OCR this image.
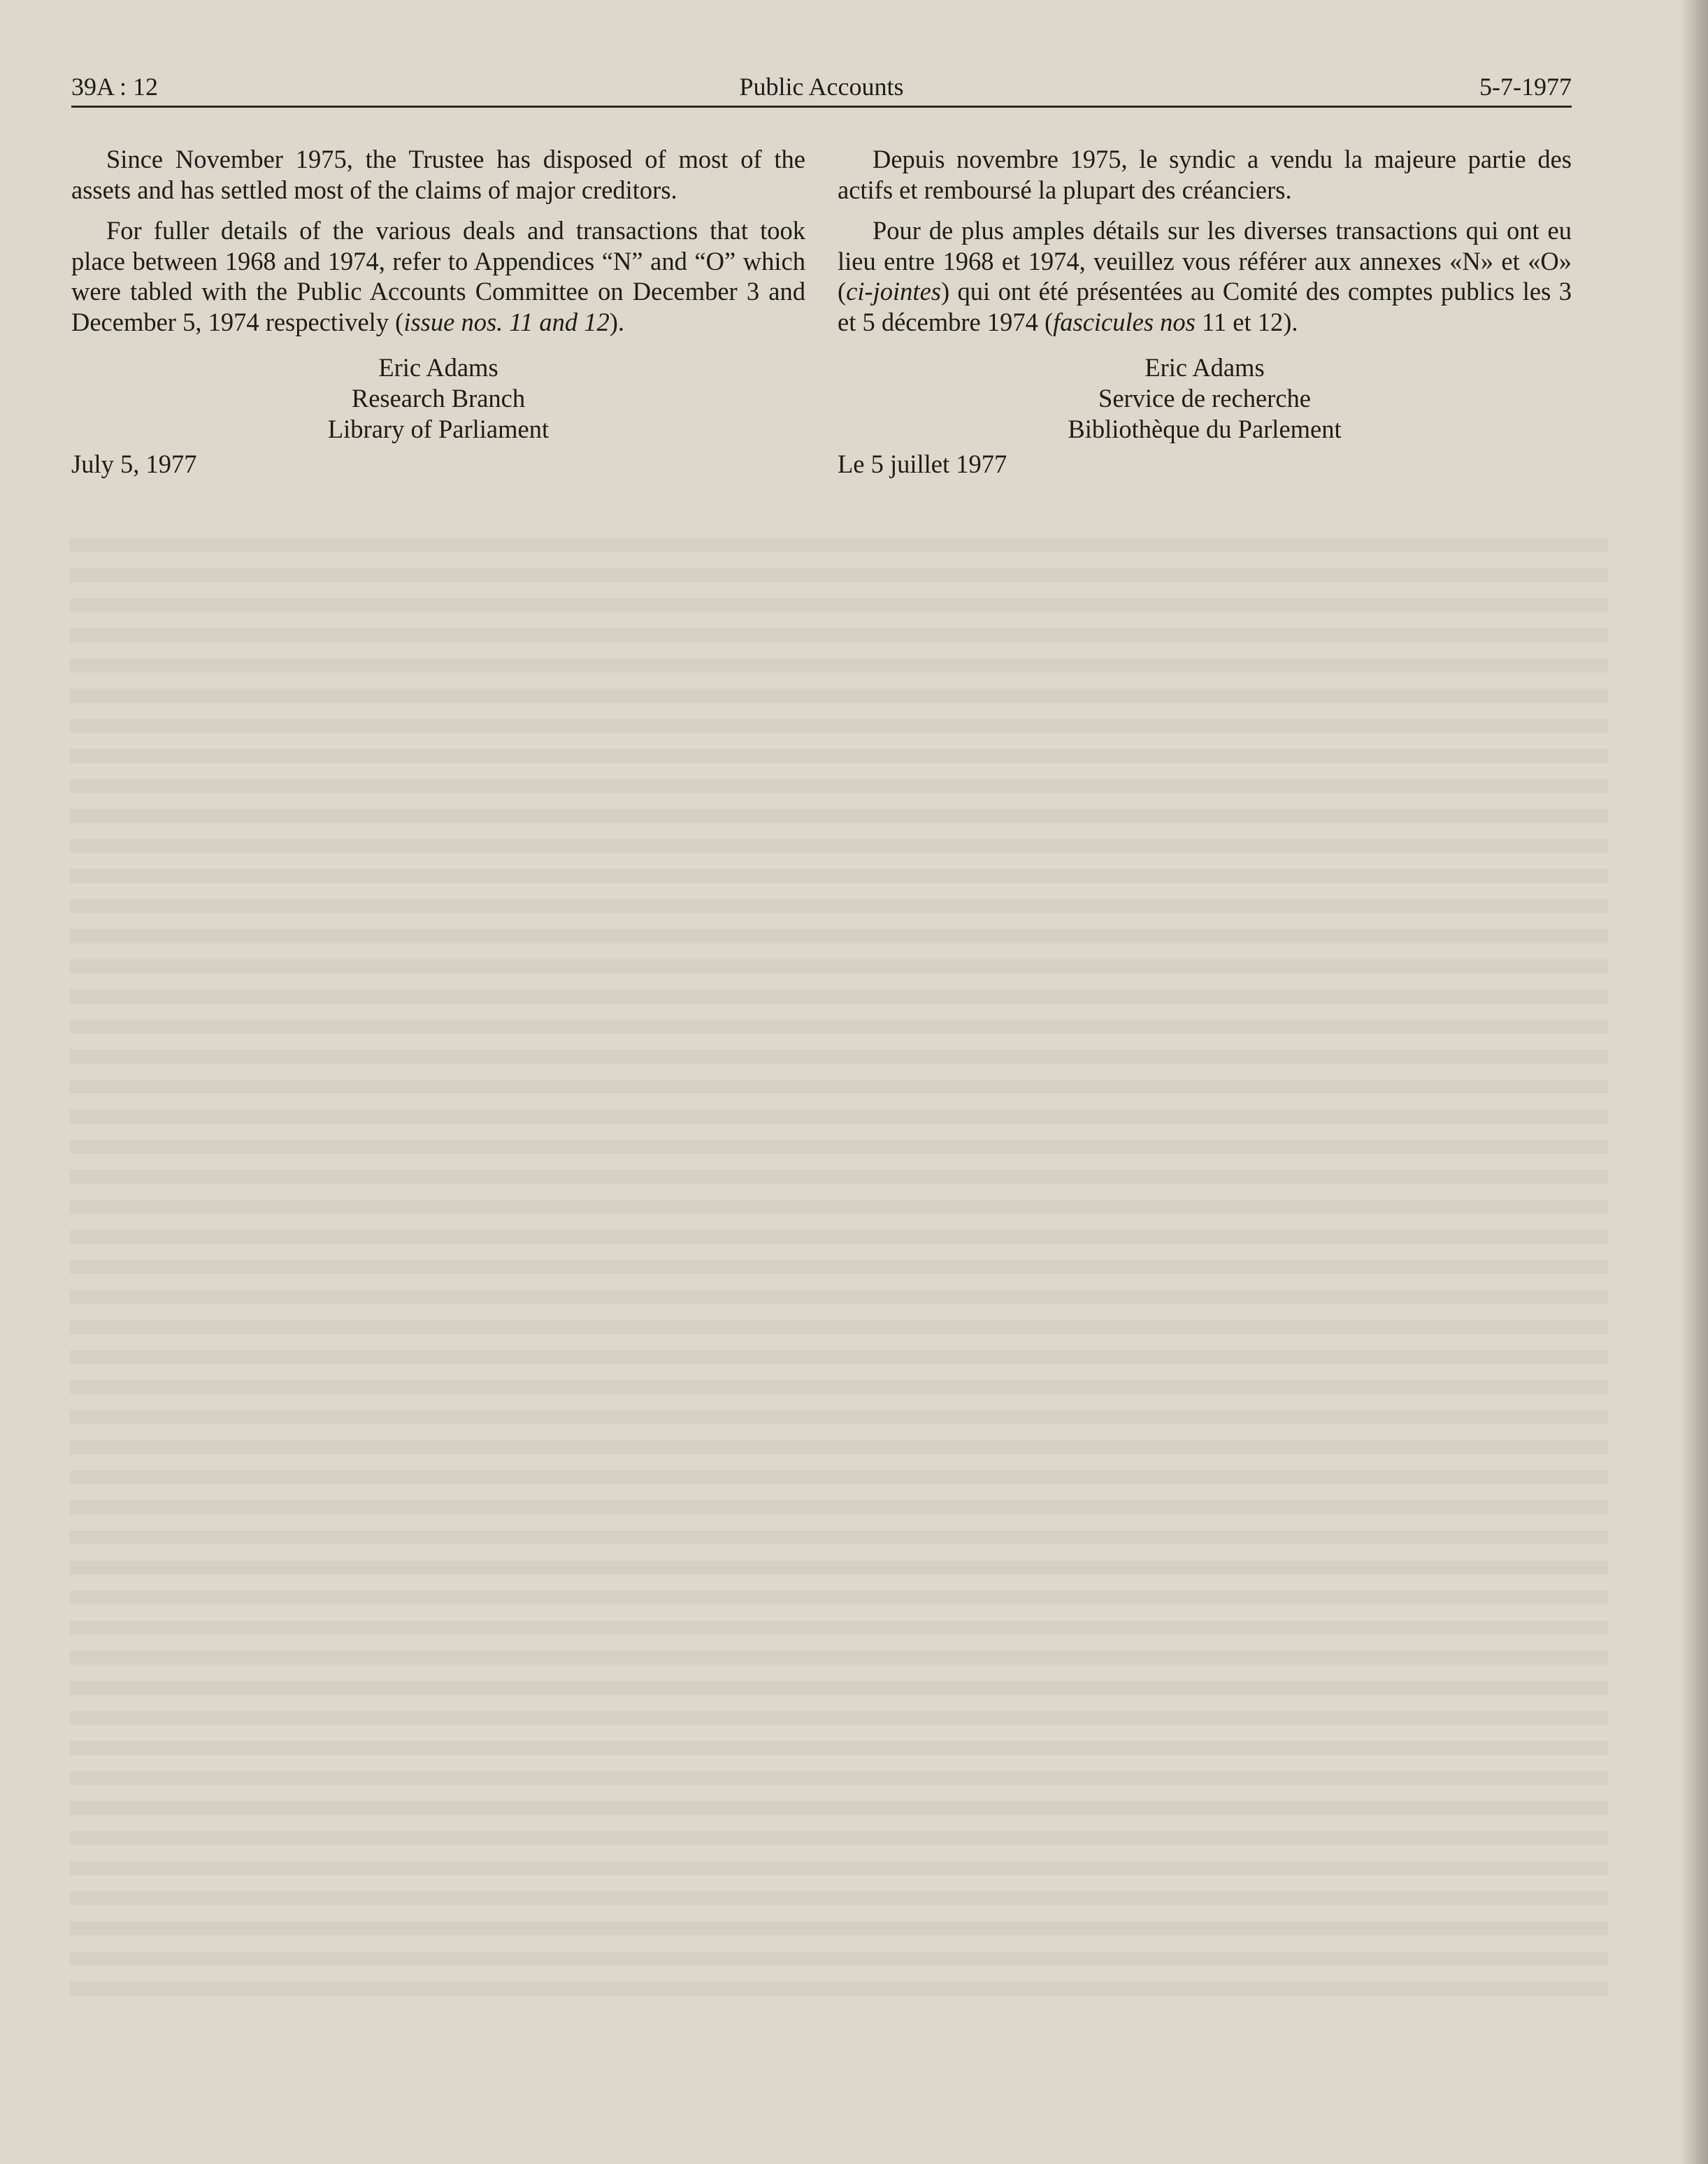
Public Accounts
39A : 12	5-7-1977

Since November 1975, the Trustee has disposed of most of the assets and has settled most of the claims of major creditors.

For fuller details of the various deals and transactions that took place between 1968 and 1974, refer to Appendices “N” and “O” which were tabled with the Public Accounts Committee on December 3 and December 5, 1974 respectively (issue nos. 11 and 12).

Eric Adams
Research Branch
Library of Parliament
July 5, 1977

Depuis novembre 1975, le syndic a vendu la majeure partie des actifs et remboursé la plupart des créanciers.

Pour de plus amples détails sur les diverses transactions qui ont eu lieu entre 1968 et 1974, veuillez vous référer aux annexes «N» et «O» (ci-jointes) qui ont été présentées au Comité des comptes publics les 3 et 5 décembre 1974 (fascicules nos 11 et 12).

Eric Adams
Service de recherche
Bibliothèque du Parlement
Le 5 juillet 1977
